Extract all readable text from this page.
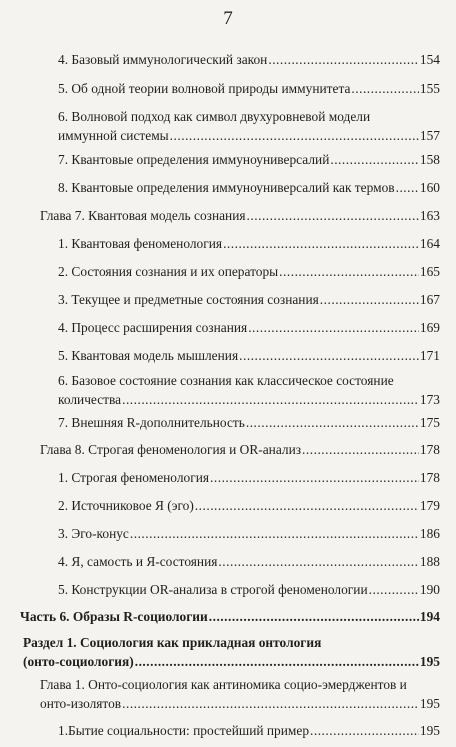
7
4. Базовый иммунологический закон .....	154
5. Об одной теории волновой природы иммунитета .....	155
6. Волновой подход как символ двухуровневой модели
иммунной системы .....	157
7. Квантовые определения иммуноуниверсалий .....	158
8. Квантовые определения иммуноуниверсалий как термов ..... 160
Глава 7. Квантовая модель сознания .....	163
1. Квантовая феноменология .....	164
2. Состояния сознания и их операторы .....	165
3. Текущее и предметные состояния сознания .....	167
4. Процесс расширения сознания .....	169
5. Квантовая модель мышления .....	171
6. Базовое состояние сознания как классическое состояние
количества .....	173
7. Внешняя R-дополнительность .....	175
Глава 8. Строгая феноменология и OR-анализ .....	178
1. Строгая феноменология .....	178
2. Источниковое Я (эго) .....	179
3. Эго-конус .....	186
4. Я, самость и Я-состояния .....	188
5. Конструкции OR-анализа в строгой феноменологии .....	190
Часть 6. Образы R-социологии .....	194
Раздел 1. Социология как прикладная онтология
(онто-социология) .....	195
Глава 1. Онто-социология как антиномика социо-эмерджентов и
онто-изолятов .....	195
1. Бытие социальности: простейший пример .....	195
